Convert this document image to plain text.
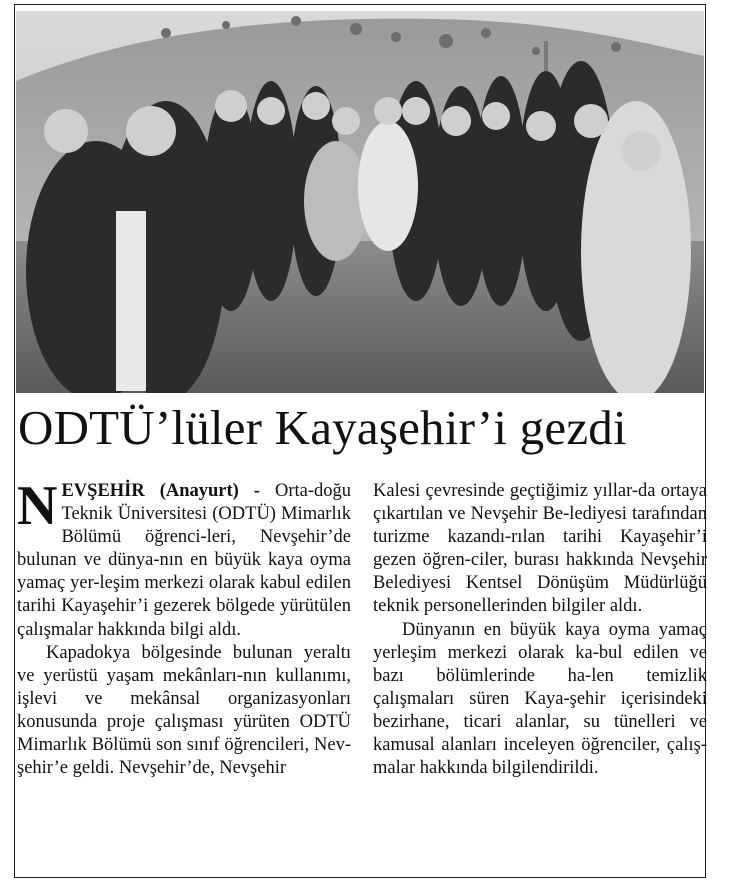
ODTÜ’lüler Kayaşehir’i gezdi

NEVŞEHİR (Anayurt) - Orta-doğu Teknik Üniversitesi (ODTÜ) Mimarlık Bölümü öğrenci-leri, Nevşehir’de bulunan ve dünya-nın en büyük kaya oyma yamaç yer-leşim merkezi olarak kabul edilen tarihi Kayaşehir’i gezerek bölgede yürütülen çalışmalar hakkında bilgi aldı.

Kapadokya bölgesinde bulunan yeraltı ve yerüstü yaşam mekânları-nın kullanımı, işlevi ve mekânsal organizasyonları konusunda proje çalışması yürüten ODTÜ Mimarlık Bölümü son sınıf öğrencileri, Nev-şehir’e geldi. Nevşehir’de, Nevşehir

Kalesi çevresinde geçtiğimiz yıllar-da ortaya çıkartılan ve Nevşehir Be-lediyesi tarafından turizme kazandı-rılan tarihi Kayaşehir’i gezen öğren-ciler, burası hakkında Nevşehir Belediyesi Kentsel Dönüşüm Müdürlüğü teknik personellerinden bilgiler aldı.

Dünyanın en büyük kaya oyma yamaç yerleşim merkezi olarak ka-bul edilen ve bazı bölümlerinde ha-len temizlik çalışmaları süren Kaya-şehir içerisindeki bezirhane, ticari alanlar, su tünelleri ve kamusal alanları inceleyen öğrenciler, çalış-malar hakkında bilgilendirildi.
